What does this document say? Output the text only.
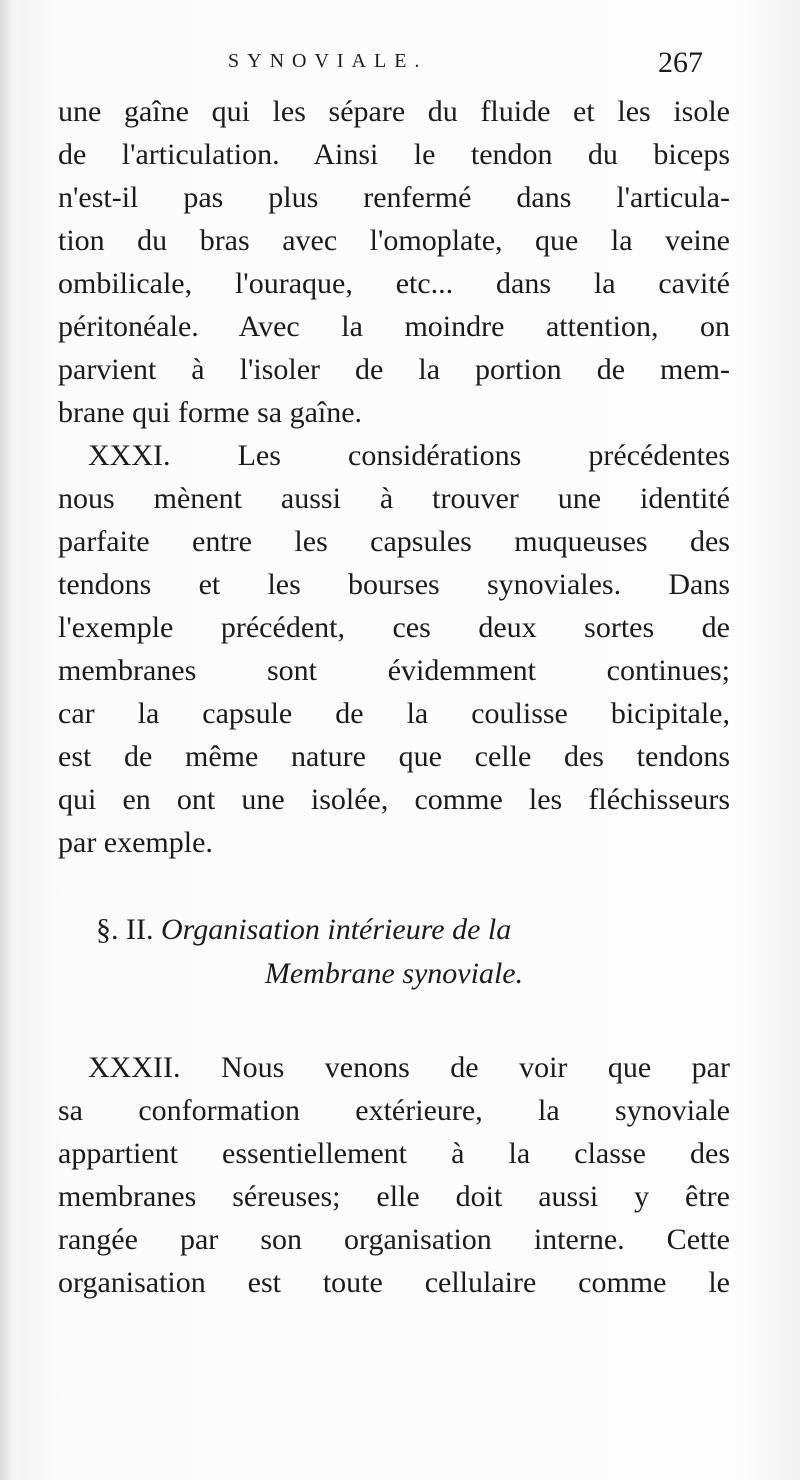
SYNOVIALE.	267
une gaîne qui les sépare du fluide et les isole
de l'articulation. Ainsi le tendon du biceps
n'est-il pas plus renfermé dans l'articula-
tion du bras avec l'omoplate, que la veine
ombilicale, l'ouraque, etc... dans la cavité
péritonéale. Avec la moindre attention, on
parvient à l'isoler de la portion de mem-
brane qui forme sa gaîne.
XXXI. Les considérations précédentes
nous mènent aussi à trouver une identité
parfaite entre les capsules muqueuses des
tendons et les bourses synoviales. Dans
l'exemple précédent, ces deux sortes de
membranes sont évidemment continues;
car la capsule de la coulisse bicipitale,
est de même nature que celle des tendons
qui en ont une isolée, comme les fléchisseurs
par exemple.
§. II. Organisation intérieure de la
Membrane synoviale.
XXXII. Nous venons de voir que par
sa conformation extérieure, la synoviale
appartient essentiellement à la classe des
membranes séreuses; elle doit aussi y être
rangée par son organisation interne. Cette
organisation est toute cellulaire comme le
